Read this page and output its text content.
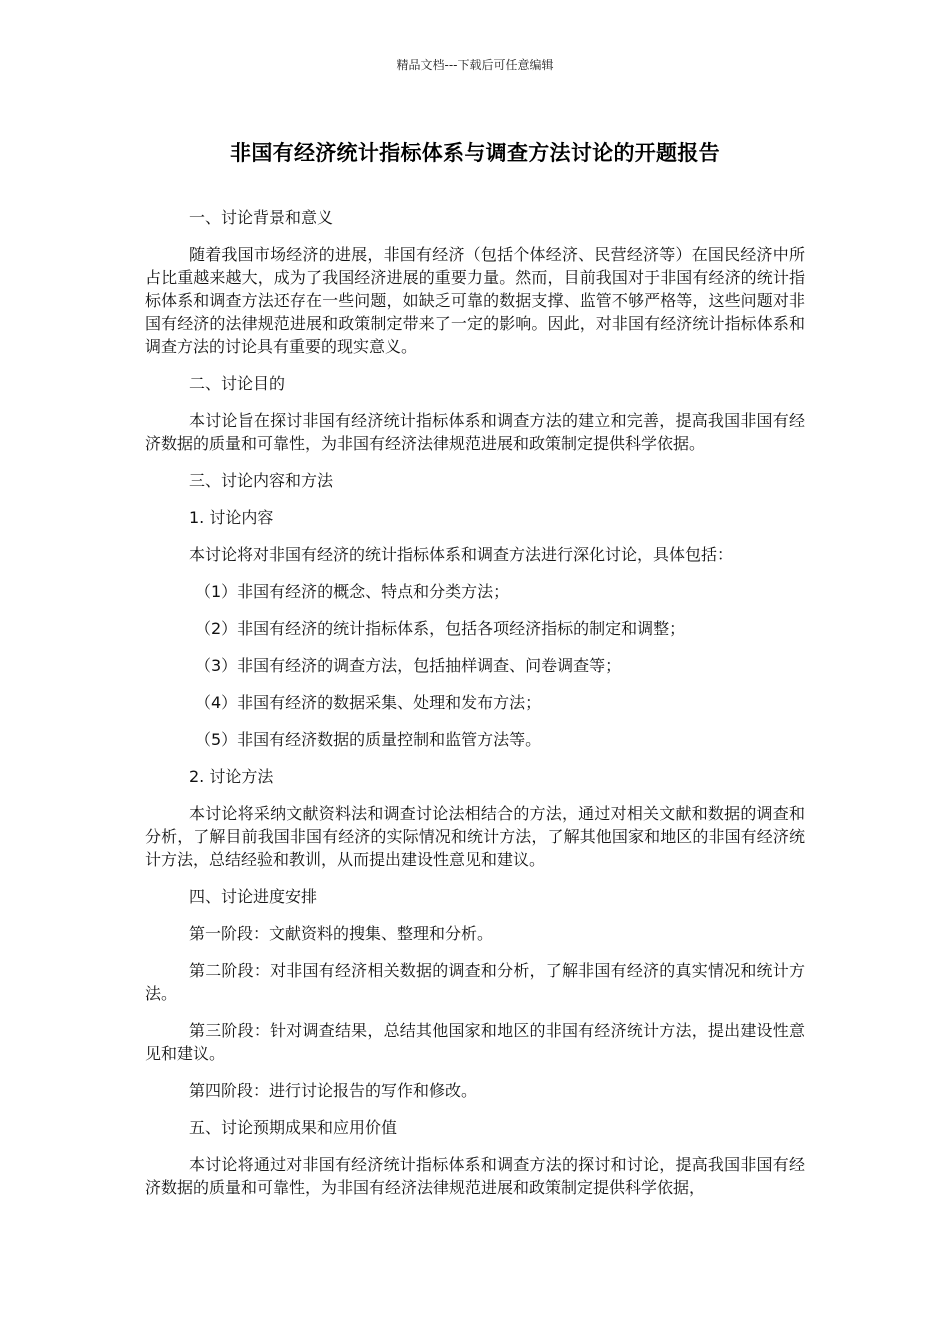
精品文档---下载后可任意编辑
非国有经济统计指标体系与调查方法讨论的开题报告

一、讨论背景和意义

随着我国市场经济的进展，非国有经济（包括个体经济、民营经济等）在国民经济中所占比重越来越大，成为了我国经济进展的重要力量。然而，目前我国对于非国有经济的统计指标体系和调查方法还存在一些问题，如缺乏可靠的数据支撑、监管不够严格等，这些问题对非国有经济的法律规范进展和政策制定带来了一定的影响。因此，对非国有经济统计指标体系和调查方法的讨论具有重要的现实意义。

二、讨论目的

本讨论旨在探讨非国有经济统计指标体系和调查方法的建立和完善，提高我国非国有经济数据的质量和可靠性，为非国有经济法律规范进展和政策制定提供科学依据。

三、讨论内容和方法

1. 讨论内容

本讨论将对非国有经济的统计指标体系和调查方法进行深化讨论，具体包括：

（1）非国有经济的概念、特点和分类方法；

（2）非国有经济的统计指标体系，包括各项经济指标的制定和调整；

（3）非国有经济的调查方法，包括抽样调查、问卷调查等；

（4）非国有经济的数据采集、处理和发布方法；

（5）非国有经济数据的质量控制和监管方法等。

2. 讨论方法

本讨论将采纳文献资料法和调查讨论法相结合的方法，通过对相关文献和数据的调查和分析，了解目前我国非国有经济的实际情况和统计方法，了解其他国家和地区的非国有经济统计方法，总结经验和教训，从而提出建设性意见和建议。

四、讨论进度安排

第一阶段：文献资料的搜集、整理和分析。

第二阶段：对非国有经济相关数据的调查和分析，了解非国有经济的真实情况和统计方法。

第三阶段：针对调查结果，总结其他国家和地区的非国有经济统计方法，提出建设性意见和建议。

第四阶段：进行讨论报告的写作和修改。

五、讨论预期成果和应用价值

本讨论将通过对非国有经济统计指标体系和调查方法的探讨和讨论，提高我国非国有经济数据的质量和可靠性，为非国有经济法律规范进展和政策制定提供科学依据，
